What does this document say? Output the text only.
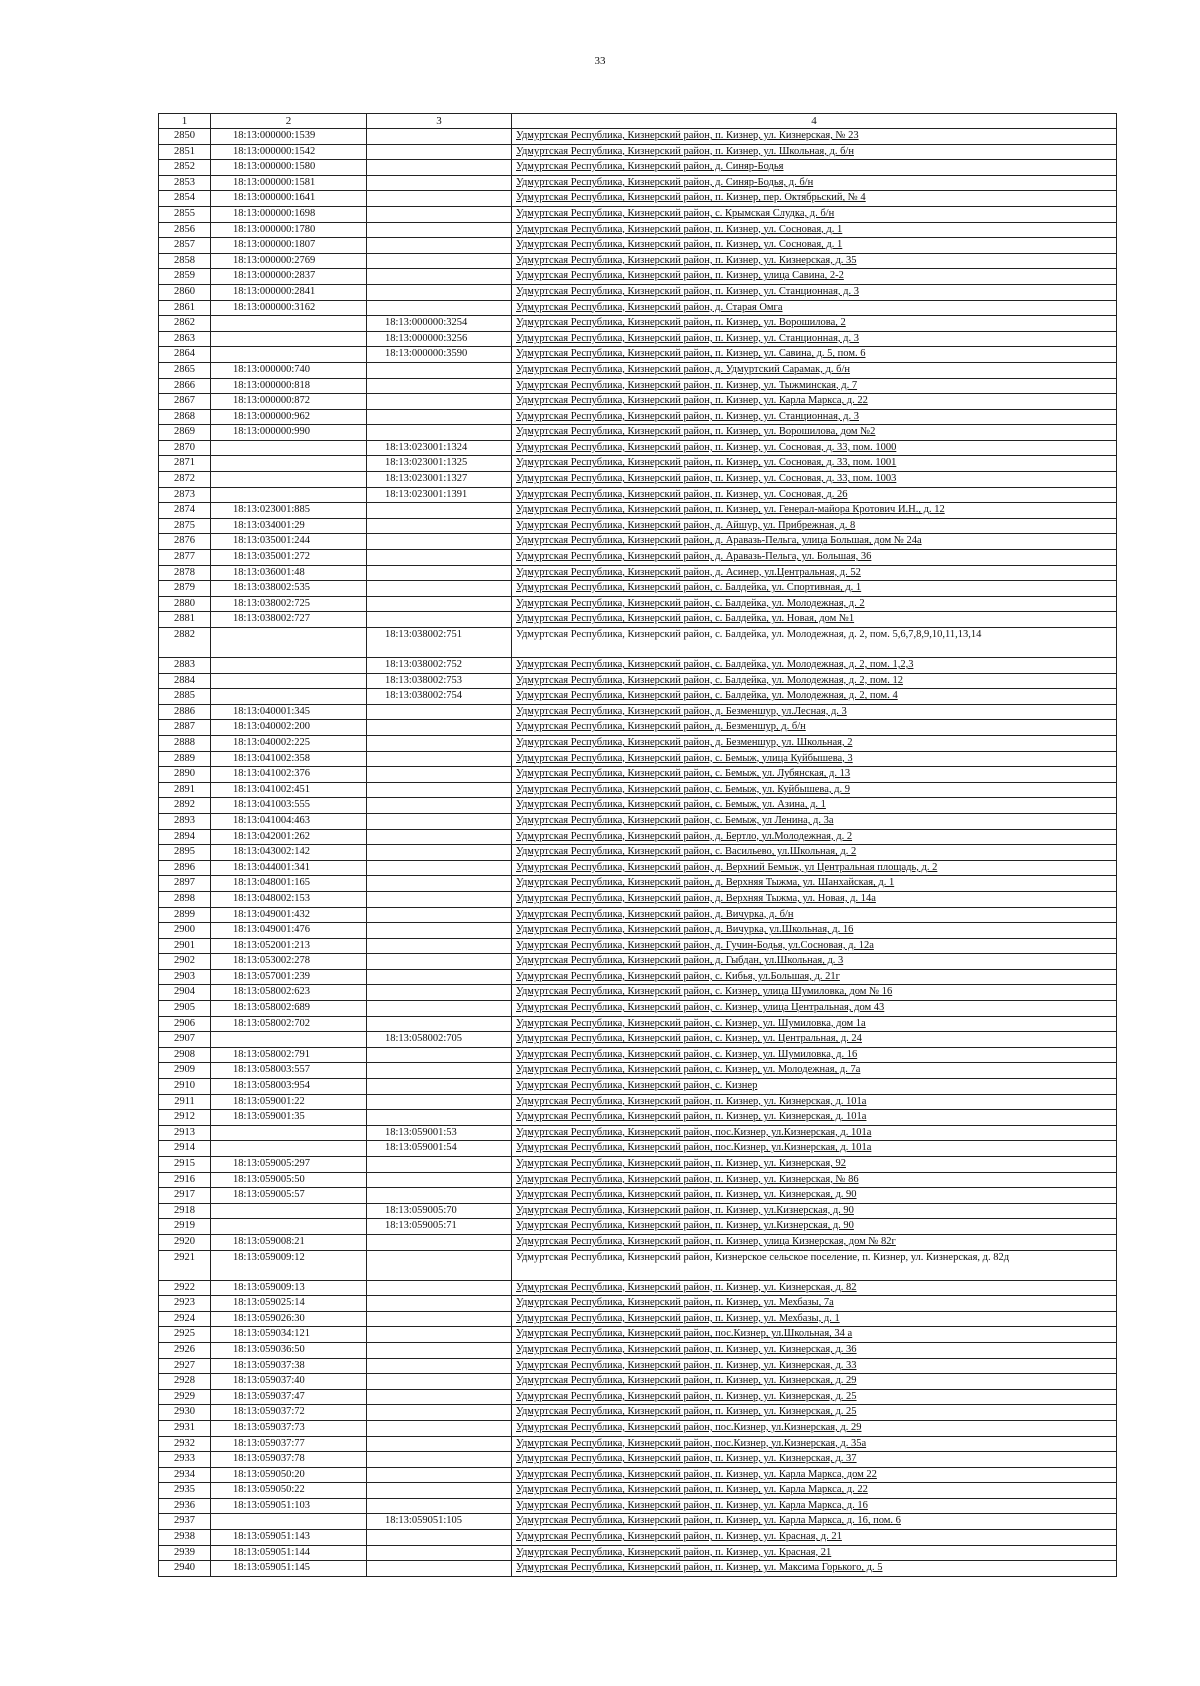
33
1	2	3	4
2850	18:13:000000:1539		Удмуртская Республика, Кизнерский район, п. Кизнер, ул. Кизнерская, № 23
2851	18:13:000000:1542		Удмуртская Республика, Кизнерский район, п. Кизнер, ул. Школьная, д. б/н
2852	18:13:000000:1580		Удмуртская Республика, Кизнерский район, д. Синяр-Бодья
2853	18:13:000000:1581		Удмуртская Республика, Кизнерский район, д. Синяр-Бодья, д. б/н
2854	18:13:000000:1641		Удмуртская Республика, Кизнерский район, п. Кизнер, пер. Октябрьский, № 4
2855	18:13:000000:1698		Удмуртская Республика, Кизнерский район, с. Крымская Слудка, д. б/н
2856	18:13:000000:1780		Удмуртская Республика, Кизнерский район, п. Кизнер, ул. Сосновая, д. 1
2857	18:13:000000:1807		Удмуртская Республика, Кизнерский район, п. Кизнер, ул. Сосновая, д. 1
2858	18:13:000000:2769		Удмуртская Республика, Кизнерский район, п. Кизнер, ул. Кизнерская, д. 35
2859	18:13:000000:2837		Удмуртская Республика, Кизнерский район, п. Кизнер, улица Савина, 2-2
2860	18:13:000000:2841		Удмуртская Республика, Кизнерский район, п. Кизнер, ул. Станционная, д. 3
2861	18:13:000000:3162		Удмуртская Республика, Кизнерский район, д. Старая Омга
2862		18:13:000000:3254	Удмуртская Республика, Кизнерский район, п. Кизнер, ул. Ворошилова, 2
2863		18:13:000000:3256	Удмуртская Республика, Кизнерский район, п. Кизнер, ул. Станционная, д. 3
2864		18:13:000000:3590	Удмуртская Республика, Кизнерский район, п. Кизнер, ул. Савина, д. 5, пом. 6
2865	18:13:000000:740		Удмуртская Республика, Кизнерский район, д. Удмуртский Сарамак, д. б/н
2866	18:13:000000:818		Удмуртская Республика, Кизнерский район, п. Кизнер, ул. Тыжминская, д. 7
2867	18:13:000000:872		Удмуртская Республика, Кизнерский район, п. Кизнер, ул. Карла Маркса, д. 22
2868	18:13:000000:962		Удмуртская Республика, Кизнерский район, п. Кизнер, ул. Станционная, д. 3
2869	18:13:000000:990		Удмуртская Республика, Кизнерский район, п. Кизнер, ул. Ворошилова, дом №2
2870		18:13:023001:1324	Удмуртская Республика, Кизнерский район, п. Кизнер, ул. Сосновая, д. 33, пом. 1000
2871		18:13:023001:1325	Удмуртская Республика, Кизнерский район, п. Кизнер, ул. Сосновая, д. 33, пом. 1001
2872		18:13:023001:1327	Удмуртская Республика, Кизнерский район, п. Кизнер, ул. Сосновая, д. 33, пом. 1003
2873		18:13:023001:1391	Удмуртская Республика, Кизнерский район, п. Кизнер, ул. Сосновая, д. 26
2874	18:13:023001:885		Удмуртская Республика, Кизнерский район, п. Кизнер, ул. Генерал-майора Кротович И.Н., д. 12
2875	18:13:034001:29		Удмуртская Республика, Кизнерский район, д. Айшур, ул. Прибрежная, д. 8
2876	18:13:035001:244		Удмуртская Республика, Кизнерский район, д. Аравазь-Пельга, улица Большая, дом № 24а
2877	18:13:035001:272		Удмуртская Республика, Кизнерский район, д. Аравазь-Пельга, ул. Большая, 36
2878	18:13:036001:48		Удмуртская Республика, Кизнерский район, д. Асинер, ул.Центральная, д. 52
2879	18:13:038002:535		Удмуртская Республика, Кизнерский район, с. Балдейка, ул. Спортивная, д. 1
2880	18:13:038002:725		Удмуртская Республика, Кизнерский район, с. Балдейка, ул. Молодежная, д. 2
2881	18:13:038002:727		Удмуртская Республика, Кизнерский район, с. Балдейка, ул. Новая, дом №1
2882		18:13:038002:751	Удмуртская Республика, Кизнерский район, с. Балдейка, ул. Молодежная, д. 2, пом. 5,6,7,8,9,10,11,13,14
2883		18:13:038002:752	Удмуртская Республика, Кизнерский район, с. Балдейка, ул. Молодежная, д. 2, пом. 1,2,3
2884		18:13:038002:753	Удмуртская Республика, Кизнерский район, с. Балдейка, ул. Молодежная, д. 2, пом. 12
2885		18:13:038002:754	Удмуртская Республика, Кизнерский район, с. Балдейка, ул. Молодежная, д. 2, пом. 4
2886	18:13:040001:345		Удмуртская Республика, Кизнерский район, д. Безменшур, ул.Лесная, д. 3
2887	18:13:040002:200		Удмуртская Республика, Кизнерский район, д. Безменшур, д. б/н
2888	18:13:040002:225		Удмуртская Республика, Кизнерский район, д. Безменшур, ул. Школьная, 2
2889	18:13:041002:358		Удмуртская Республика, Кизнерский район, с. Бемыж, улица Куйбышева, 3
2890	18:13:041002:376		Удмуртская Республика, Кизнерский район, с. Бемыж, ул. Лубянская, д. 13
2891	18:13:041002:451		Удмуртская Республика, Кизнерский район, с. Бемыж, ул. Куйбышева, д. 9
2892	18:13:041003:555		Удмуртская Республика, Кизнерский район, с. Бемыж, ул. Азина, д. 1
2893	18:13:041004:463		Удмуртская Республика, Кизнерский район, с. Бемыж, ул Ленина, д. 3а
2894	18:13:042001:262		Удмуртская Республика, Кизнерский район, д. Бертло, ул.Молодежная, д. 2
2895	18:13:043002:142		Удмуртская Республика, Кизнерский район, с. Васильево, ул.Школьная, д. 2
2896	18:13:044001:341		Удмуртская Республика, Кизнерский район, д. Верхний Бемыж, ул Центральная площадь, д. 2
2897	18:13:048001:165		Удмуртская Республика, Кизнерский район, д. Верхняя Тыжма, ул. Шанхайская, д. 1
2898	18:13:048002:153		Удмуртская Республика, Кизнерский район, д. Верхняя Тыжма, ул. Новая, д. 14а
2899	18:13:049001:432		Удмуртская Республика, Кизнерский район, д. Вичурка, д. б/н
2900	18:13:049001:476		Удмуртская Республика, Кизнерский район, д. Вичурка, ул.Школьная, д. 16
2901	18:13:052001:213		Удмуртская Республика, Кизнерский район, д. Гучин-Бодья, ул.Сосновая, д. 12а
2902	18:13:053002:278		Удмуртская Республика, Кизнерский район, д. Гыбдан, ул.Школьная, д. 3
2903	18:13:057001:239		Удмуртская Республика, Кизнерский район, с. Кибья, ул.Большая, д. 21г
2904	18:13:058002:623		Удмуртская Республика, Кизнерский район, с. Кизнер, улица Шумиловка, дом № 16
2905	18:13:058002:689		Удмуртская Республика, Кизнерский район, с. Кизнер, улица Центральная, дом 43
2906	18:13:058002:702		Удмуртская Республика, Кизнерский район, с. Кизнер, ул. Шумиловка, дом 1а
2907		18:13:058002:705	Удмуртская Республика, Кизнерский район, с. Кизнер, ул. Центральная, д. 24
2908	18:13:058002:791		Удмуртская Республика, Кизнерский район, с. Кизнер, ул. Шумиловка, д. 16
2909	18:13:058003:557		Удмуртская Республика, Кизнерский район, с. Кизнер, ул. Молодежная, д. 7а
2910	18:13:058003:954		Удмуртская Республика, Кизнерский район, с. Кизнер
2911	18:13:059001:22		Удмуртская Республика, Кизнерский район, п. Кизнер, ул. Кизнерская, д. 101а
2912	18:13:059001:35		Удмуртская Республика, Кизнерский район, п. Кизнер, ул. Кизнерская, д. 101а
2913		18:13:059001:53	Удмуртская Республика, Кизнерский район, пос.Кизнер, ул.Кизнерская, д. 101а
2914		18:13:059001:54	Удмуртская Республика, Кизнерский район, пос.Кизнер, ул.Кизнерская, д. 101а
2915	18:13:059005:297		Удмуртская Республика, Кизнерский район, п. Кизнер, ул. Кизнерская, 92
2916	18:13:059005:50		Удмуртская Республика, Кизнерский район, п. Кизнер, ул. Кизнерская, № 86
2917	18:13:059005:57		Удмуртская Республика, Кизнерский район, п. Кизнер, ул. Кизнерская, д. 90
2918		18:13:059005:70	Удмуртская Республика, Кизнерский район, п. Кизнер, ул.Кизнерская, д. 90
2919		18:13:059005:71	Удмуртская Республика, Кизнерский район, п. Кизнер, ул.Кизнерская, д. 90
2920	18:13:059008:21		Удмуртская Республика, Кизнерский район, п. Кизнер, улица Кизнерская, дом № 82г
2921	18:13:059009:12		Удмуртская Республика, Кизнерский район, Кизнерское сельское поселение, п. Кизнер, ул. Кизнерская, д. 82д
2922	18:13:059009:13		Удмуртская Республика, Кизнерский район, п. Кизнер, ул. Кизнерская, д. 82
2923	18:13:059025:14		Удмуртская Республика, Кизнерский район, п. Кизнер, ул. Мехбазы, 7а
2924	18:13:059026:30		Удмуртская Республика, Кизнерский район, п. Кизнер, ул. Мехбазы, д. 1
2925	18:13:059034:121		Удмуртская Республика, Кизнерский район, пос.Кизнер, ул.Школьная, 34 а
2926	18:13:059036:50		Удмуртская Республика, Кизнерский район, п. Кизнер, ул. Кизнерская, д. 36
2927	18:13:059037:38		Удмуртская Республика, Кизнерский район, п. Кизнер, ул. Кизнерская, д. 33
2928	18:13:059037:40		Удмуртская Республика, Кизнерский район, п. Кизнер, ул. Кизнерская, д. 29
2929	18:13:059037:47		Удмуртская Республика, Кизнерский район, п. Кизнер, ул. Кизнерская, д. 25
2930	18:13:059037:72		Удмуртская Республика, Кизнерский район, п. Кизнер, ул. Кизнерская, д. 25
2931	18:13:059037:73		Удмуртская Республика, Кизнерский район, пос.Кизнер, ул.Кизнерская, д. 29
2932	18:13:059037:77		Удмуртская Республика, Кизнерский район, пос.Кизнер, ул.Кизнерская, д. 35а
2933	18:13:059037:78		Удмуртская Республика, Кизнерский район, п. Кизнер, ул. Кизнерская, д. 37
2934	18:13:059050:20		Удмуртская Республика, Кизнерский район, п. Кизнер, ул. Карла Маркса, дом 22
2935	18:13:059050:22		Удмуртская Республика, Кизнерский район, п. Кизнер, ул. Карла Маркса, д. 22
2936	18:13:059051:103		Удмуртская Республика, Кизнерский район, п. Кизнер, ул. Карла Маркса, д. 16
2937		18:13:059051:105	Удмуртская Республика, Кизнерский район, п. Кизнер, ул. Карла Маркса, д. 16, пом. 6
2938	18:13:059051:143		Удмуртская Республика, Кизнерский район, п. Кизнер, ул. Красная, д. 21
2939	18:13:059051:144		Удмуртская Республика, Кизнерский район, п. Кизнер, ул. Красная, 21
2940	18:13:059051:145		Удмуртская Республика, Кизнерский район, п. Кизнер, ул. Максима Горького, д. 5
